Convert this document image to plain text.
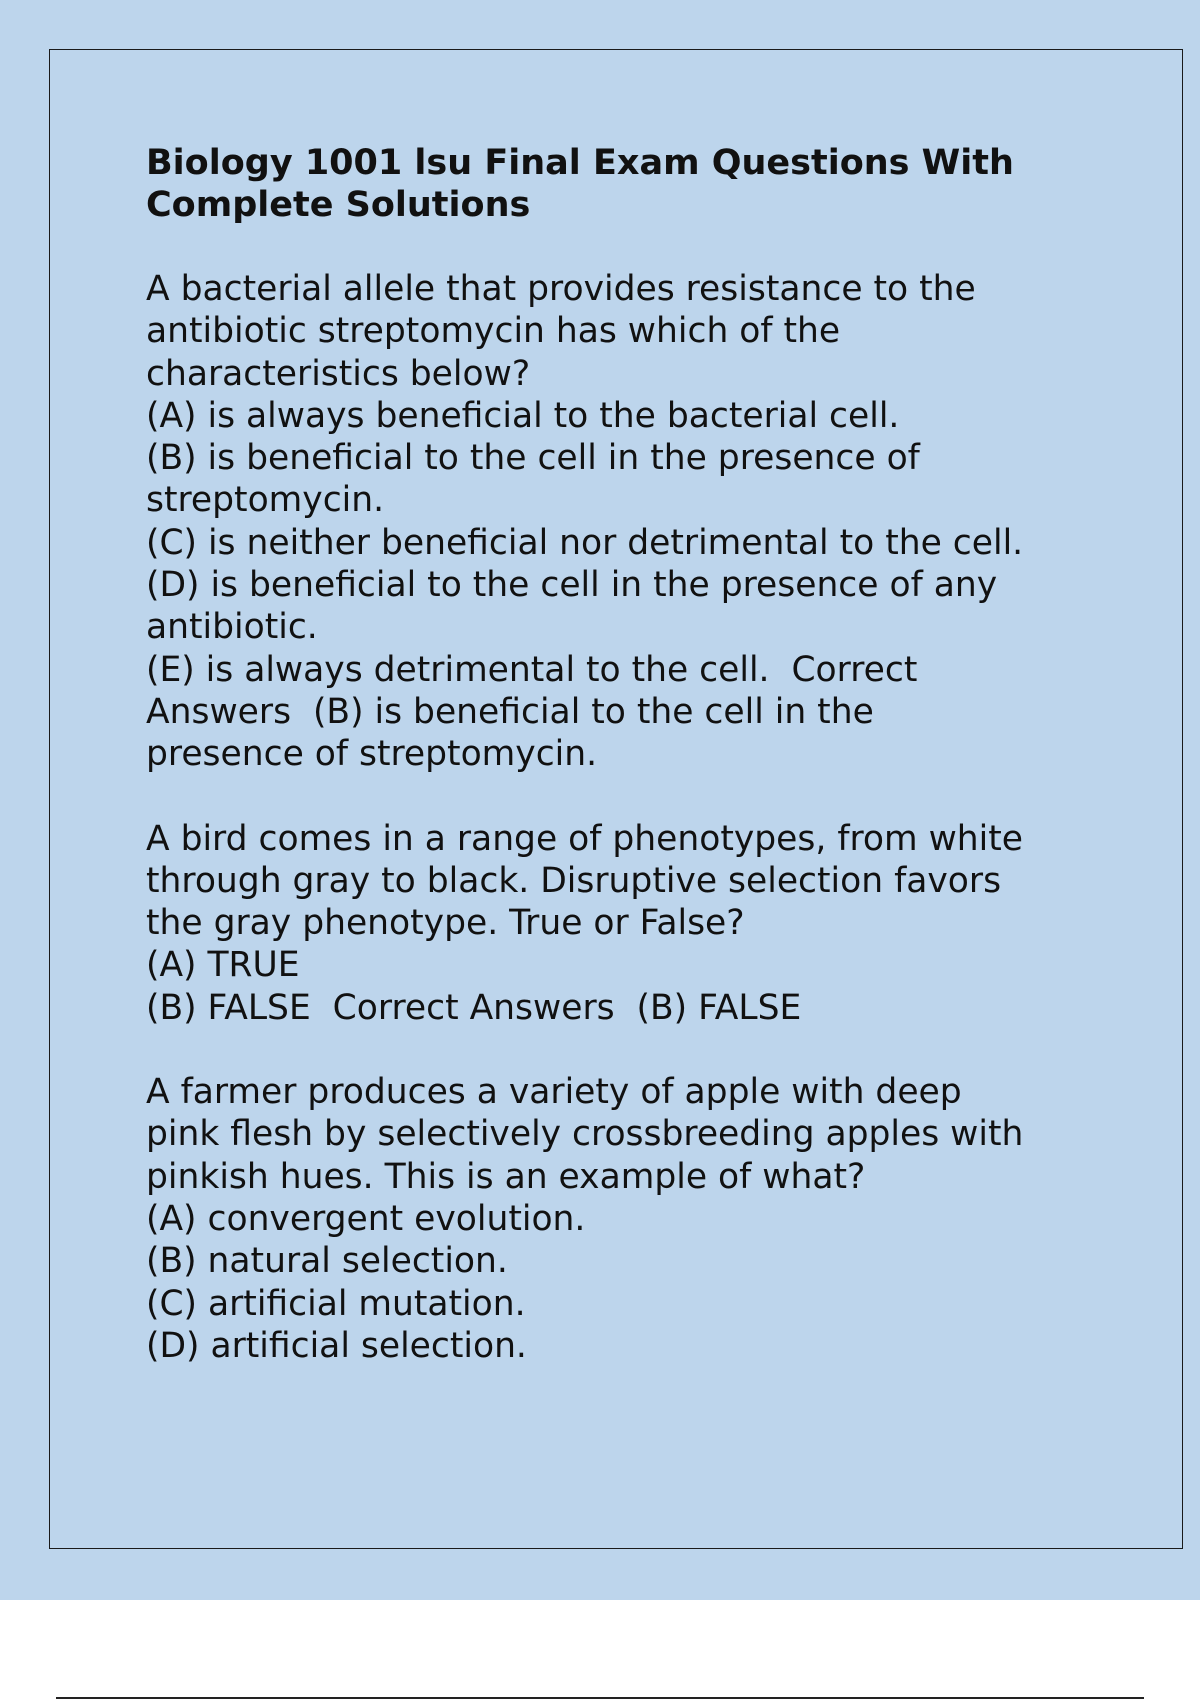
Biology 1001 lsu Final Exam Questions With
Complete Solutions

A bacterial allele that provides resistance to the

antibiotic streptomycin has which of the

characteristics below?

(A) is always beneficial to the bacterial cell.

(B) is beneficial to the cell in the presence of

streptomycin.

(C) is neither beneficial nor detrimental to the cell.

(D) is beneficial to the cell in the presence of any

antibiotic.

(E) is always detrimental to the cell.  Correct

Answers  (B) is beneficial to the cell in the

presence of streptomycin.

A bird comes in a range of phenotypes, from white

through gray to black. Disruptive selection favors

the gray phenotype. True or False?

(A) TRUE

(B) FALSE  Correct Answers  (B) FALSE

A farmer produces a variety of apple with deep

pink flesh by selectively crossbreeding apples with

pinkish hues. This is an example of what?

(A) convergent evolution.

(B) natural selection.

(C) artificial mutation.

(D) artificial selection.
